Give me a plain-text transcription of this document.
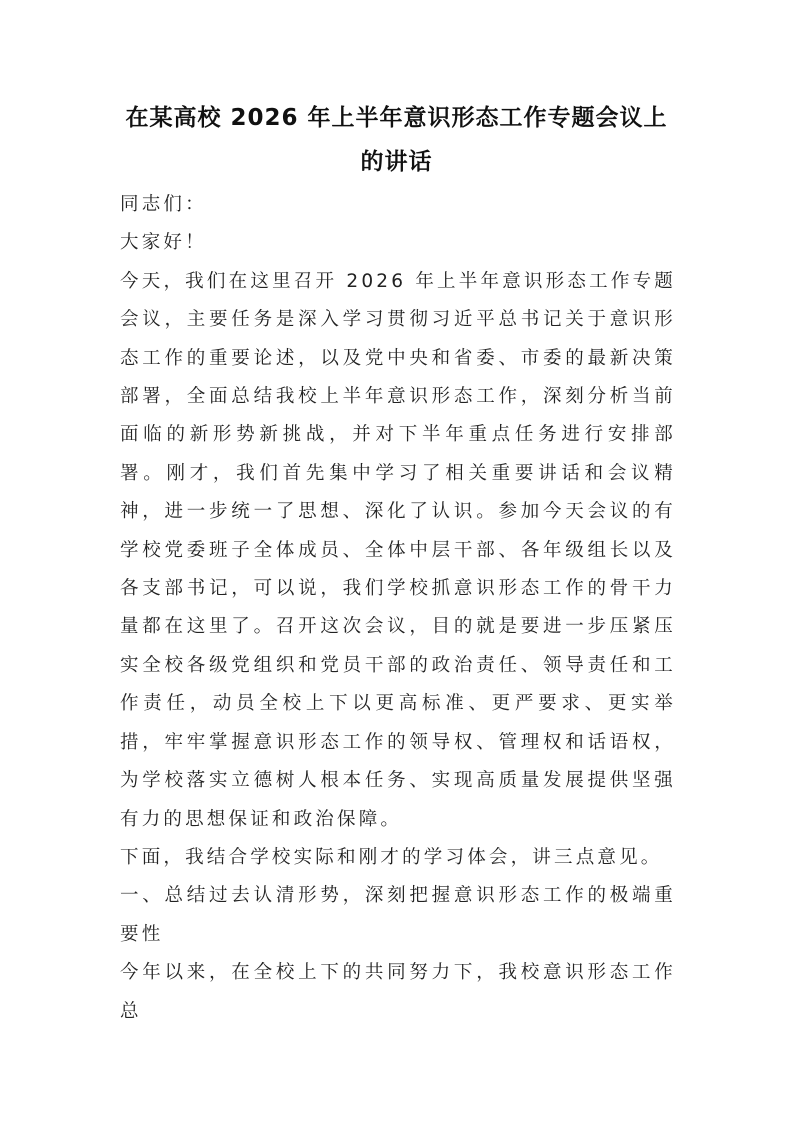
在某高校 2026 年上半年意识形态工作专题会议上
的讲话

同志们：

大家好！

今天，我们在这里召开 2026 年上半年意识形态工作专题会议，主要任务是深入学习贯彻习近平总书记关于意识形态工作的重要论述，以及党中央和省委、市委的最新决策部署，全面总结我校上半年意识形态工作，深刻分析当前面临的新形势新挑战，并对下半年重点任务进行安排部署。刚才，我们首先集中学习了相关重要讲话和会议精神，进一步统一了思想、深化了认识。参加今天会议的有学校党委班子全体成员、全体中层干部、各年级组长以及各支部书记，可以说，我们学校抓意识形态工作的骨干力量都在这里了。召开这次会议，目的就是要进一步压紧压实全校各级党组织和党员干部的政治责任、领导责任和工作责任，动员全校上下以更高标准、更严要求、更实举措，牢牢掌握意识形态工作的领导权、管理权和话语权，为学校落实立德树人根本任务、实现高质量发展提供坚强有力的思想保证和政治保障。

下面，我结合学校实际和刚才的学习体会，讲三点意见。

一、总结过去认清形势，深刻把握意识形态工作的极端重要性

今年以来，在全校上下的共同努力下，我校意识形态工作总
